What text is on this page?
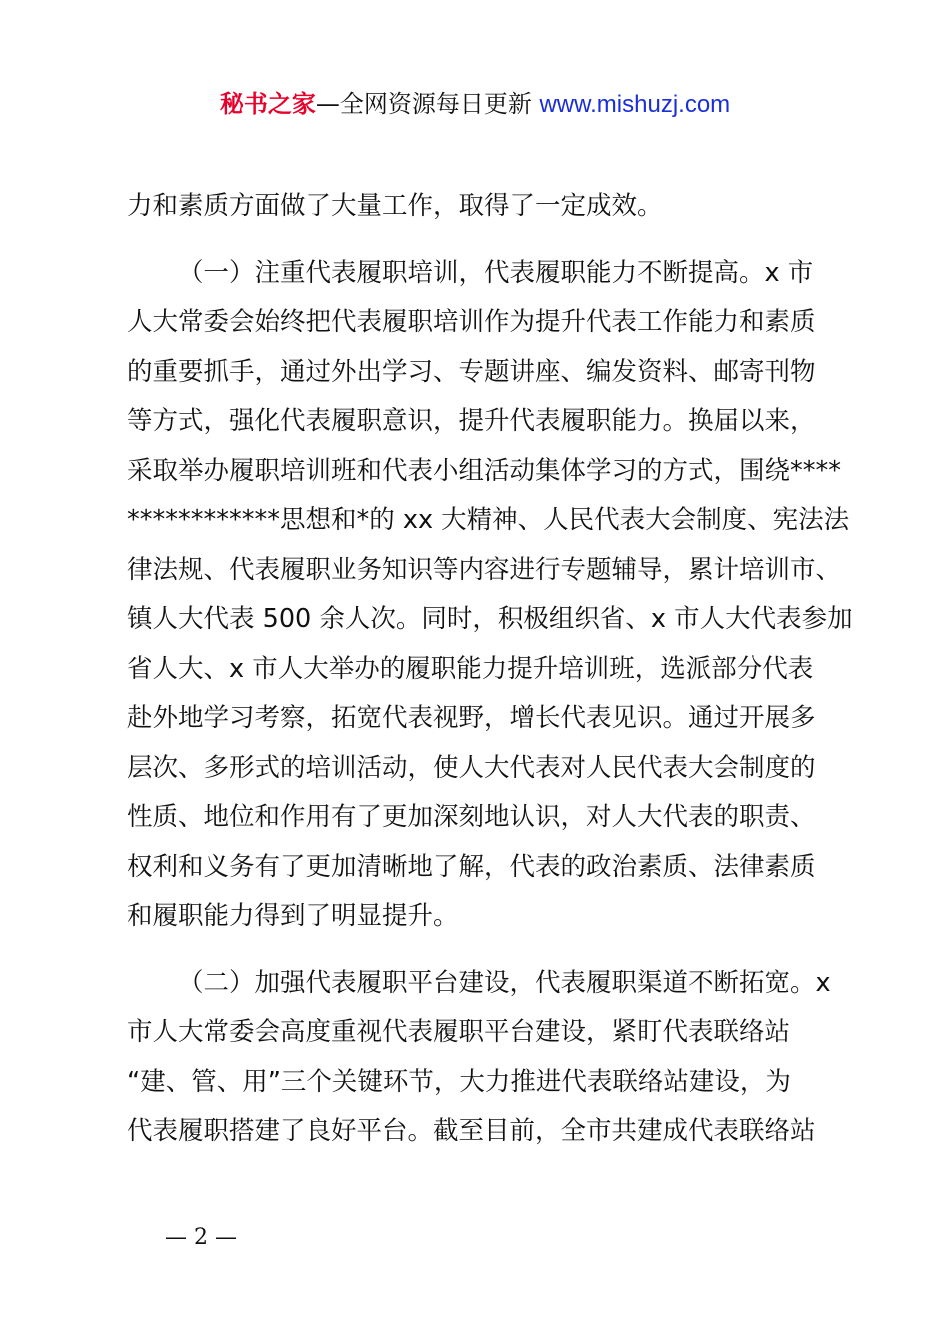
秘书之家—全网资源每日更新 www.mishuzj.com
力和素质方面做了大量工作，取得了一定成效。
（一）注重代表履职培训，代表履职能力不断提高。x 市
人大常委会始终把代表履职培训作为提升代表工作能力和素质
的重要抓手，通过外出学习、专题讲座、编发资料、邮寄刊物
等方式，强化代表履职意识，提升代表履职能力。换届以来，
采取举办履职培训班和代表小组活动集体学习的方式，围绕****
************思想和*的 xx 大精神、人民代表大会制度、宪法法
律法规、代表履职业务知识等内容进行专题辅导，累计培训市、
镇人大代表 500 余人次。同时，积极组织省、x 市人大代表参加
省人大、x 市人大举办的履职能力提升培训班，选派部分代表
赴外地学习考察，拓宽代表视野，增长代表见识。通过开展多
层次、多形式的培训活动，使人大代表对人民代表大会制度的
性质、地位和作用有了更加深刻地认识，对人大代表的职责、
权利和义务有了更加清晰地了解，代表的政治素质、法律素质
和履职能力得到了明显提升。
（二）加强代表履职平台建设，代表履职渠道不断拓宽。x
市人大常委会高度重视代表履职平台建设，紧盯代表联络站
“建、管、用”三个关键环节，大力推进代表联络站建设，为
代表履职搭建了良好平台。截至目前，全市共建成代表联络站
— 2 —
